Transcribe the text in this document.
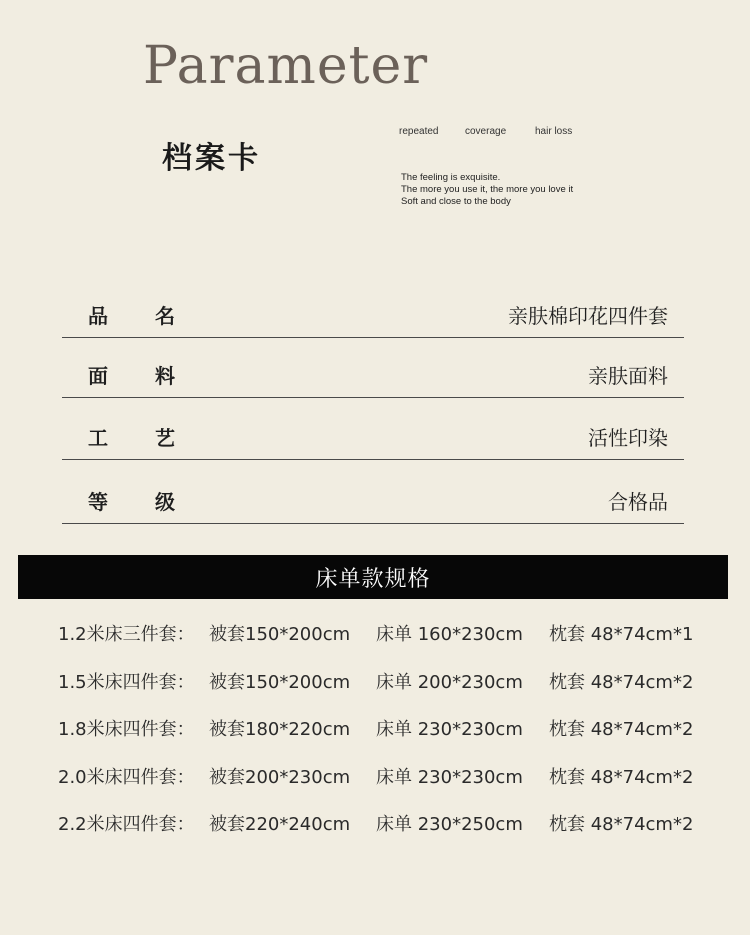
Parameter
档案卡
repeated	coverage	hair loss
The feeling is exquisite.
The more you use it, the more you love it
Soft and close to the body
品 名	亲肤棉印花四件套
面 料	亲肤面料
工 艺	活性印染
等 级	合格品
床单款规格
1.2米床三件套： 被套150*200cm 床单 160*230cm 枕套 48*74cm*1
1.5米床四件套： 被套150*200cm 床单 200*230cm 枕套 48*74cm*2
1.8米床四件套： 被套180*220cm 床单 230*230cm 枕套 48*74cm*2
2.0米床四件套： 被套200*230cm 床单 230*230cm 枕套 48*74cm*2
2.2米床四件套： 被套220*240cm 床单 230*250cm 枕套 48*74cm*2
